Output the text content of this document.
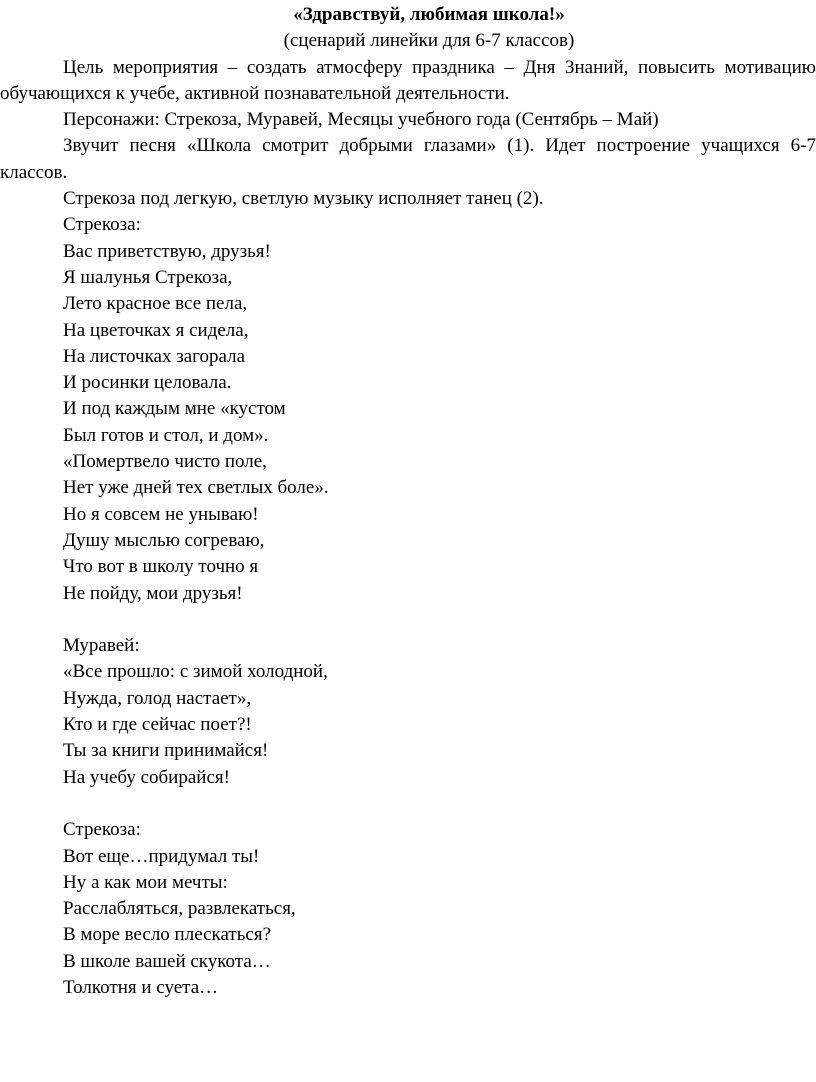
«Здравствуй, любимая школа!»

(сценарий линейки для 6-7 классов)

Цель мероприятия – создать атмосферу праздника – Дня Знаний, повысить мотивацию обучающихся к учебе, активной познавательной деятельности.

Персонажи: Стрекоза, Муравей, Месяцы учебного года (Сентябрь – Май)

Звучит песня «Школа смотрит добрыми глазами» (1). Идет построение учащихся 6-7 классов.

Стрекоза под легкую, светлую музыку исполняет танец (2).

Стрекоза:
Вас приветствую, друзья!
Я шалунья Стрекоза,
Лето красное все пела,
На цветочках я сидела,
На листочках загорала
И росинки целовала.
И под каждым мне «кустом
Был готов и стол, и дом».
«Помертвело чисто поле,
Нет уже дней тех светлых боле».
Но я совсем не унываю!
Душу мыслью согреваю,
Что вот в школу точно я
Не пойду, мои друзья!
Муравей:
«Все прошло: с зимой холодной,
Нужда, голод настает»,
Кто и где сейчас поет?!
Ты за книги принимайся!
На учебу собирайся!
Стрекоза:
Вот еще…придумал ты!
Ну а как мои мечты:
Расслабляться, развлекаться,
В море весло плескаться?
В школе вашей скукота…
Толкотня и суета…
